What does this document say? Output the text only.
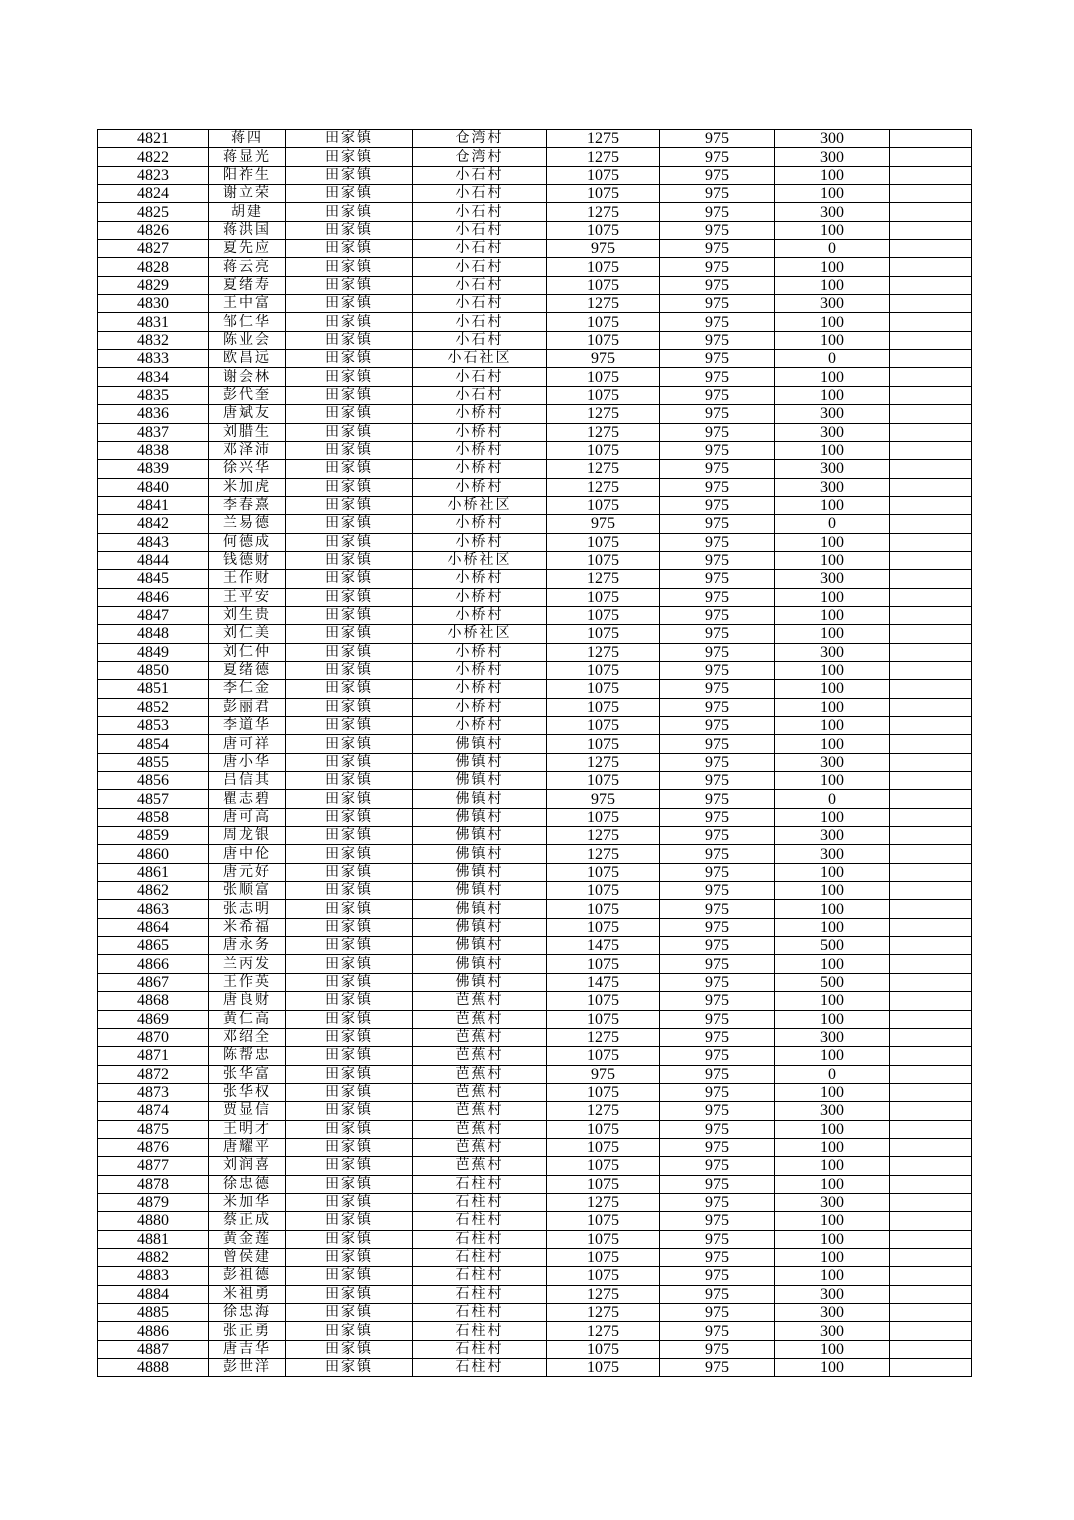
4821	蒋四	田家镇	仓湾村	1275	975	300	
4822	蒋显光	田家镇	仓湾村	1275	975	300	
4823	阳祚生	田家镇	小石村	1075	975	100	
4824	谢立荣	田家镇	小石村	1075	975	100	
4825	胡建	田家镇	小石村	1275	975	300	
4826	蒋洪国	田家镇	小石村	1075	975	100	
4827	夏先应	田家镇	小石村	975	975	0	
4828	蒋云亮	田家镇	小石村	1075	975	100	
4829	夏绪寿	田家镇	小石村	1075	975	100	
4830	王中富	田家镇	小石村	1275	975	300	
4831	邹仁华	田家镇	小石村	1075	975	100	
4832	陈业会	田家镇	小石村	1075	975	100	
4833	欧昌远	田家镇	小石社区	975	975	0	
4834	谢会林	田家镇	小石村	1075	975	100	
4835	彭代奎	田家镇	小石村	1075	975	100	
4836	唐斌友	田家镇	小桥村	1275	975	300	
4837	刘腊生	田家镇	小桥村	1275	975	300	
4838	邓泽沛	田家镇	小桥村	1075	975	100	
4839	徐兴华	田家镇	小桥村	1275	975	300	
4840	米加虎	田家镇	小桥村	1275	975	300	
4841	李春熹	田家镇	小桥社区	1075	975	100	
4842	兰易德	田家镇	小桥村	975	975	0	
4843	何德成	田家镇	小桥村	1075	975	100	
4844	钱德财	田家镇	小桥社区	1075	975	100	
4845	王作财	田家镇	小桥村	1275	975	300	
4846	王平安	田家镇	小桥村	1075	975	100	
4847	刘生贵	田家镇	小桥村	1075	975	100	
4848	刘仁美	田家镇	小桥社区	1075	975	100	
4849	刘仁仲	田家镇	小桥村	1275	975	300	
4850	夏绪德	田家镇	小桥村	1075	975	100	
4851	李仁金	田家镇	小桥村	1075	975	100	
4852	彭丽君	田家镇	小桥村	1075	975	100	
4853	李道华	田家镇	小桥村	1075	975	100	
4854	唐可祥	田家镇	佛镇村	1075	975	100	
4855	唐小华	田家镇	佛镇村	1275	975	300	
4856	吕信其	田家镇	佛镇村	1075	975	100	
4857	瞿志碧	田家镇	佛镇村	975	975	0	
4858	唐可高	田家镇	佛镇村	1075	975	100	
4859	周龙银	田家镇	佛镇村	1275	975	300	
4860	唐中伦	田家镇	佛镇村	1275	975	300	
4861	唐元好	田家镇	佛镇村	1075	975	100	
4862	张顺富	田家镇	佛镇村	1075	975	100	
4863	张志明	田家镇	佛镇村	1075	975	100	
4864	米希福	田家镇	佛镇村	1075	975	100	
4865	唐永务	田家镇	佛镇村	1475	975	500	
4866	兰丙发	田家镇	佛镇村	1075	975	100	
4867	王作英	田家镇	佛镇村	1475	975	500	
4868	唐良财	田家镇	芭蕉村	1075	975	100	
4869	黄仁高	田家镇	芭蕉村	1075	975	100	
4870	邓绍全	田家镇	芭蕉村	1275	975	300	
4871	陈帮忠	田家镇	芭蕉村	1075	975	100	
4872	张华富	田家镇	芭蕉村	975	975	0	
4873	张华权	田家镇	芭蕉村	1075	975	100	
4874	贾显信	田家镇	芭蕉村	1275	975	300	
4875	王明才	田家镇	芭蕉村	1075	975	100	
4876	唐耀平	田家镇	芭蕉村	1075	975	100	
4877	刘润喜	田家镇	芭蕉村	1075	975	100	
4878	徐忠德	田家镇	石柱村	1075	975	100	
4879	米加华	田家镇	石柱村	1275	975	300	
4880	蔡正成	田家镇	石柱村	1075	975	100	
4881	黄金莲	田家镇	石柱村	1075	975	100	
4882	曾侯建	田家镇	石柱村	1075	975	100	
4883	彭祖德	田家镇	石柱村	1075	975	100	
4884	米祖勇	田家镇	石柱村	1275	975	300	
4885	徐忠海	田家镇	石柱村	1275	975	300	
4886	张正勇	田家镇	石柱村	1275	975	300	
4887	唐吉华	田家镇	石柱村	1075	975	100	
4888	彭世洋	田家镇	石柱村	1075	975	100	
